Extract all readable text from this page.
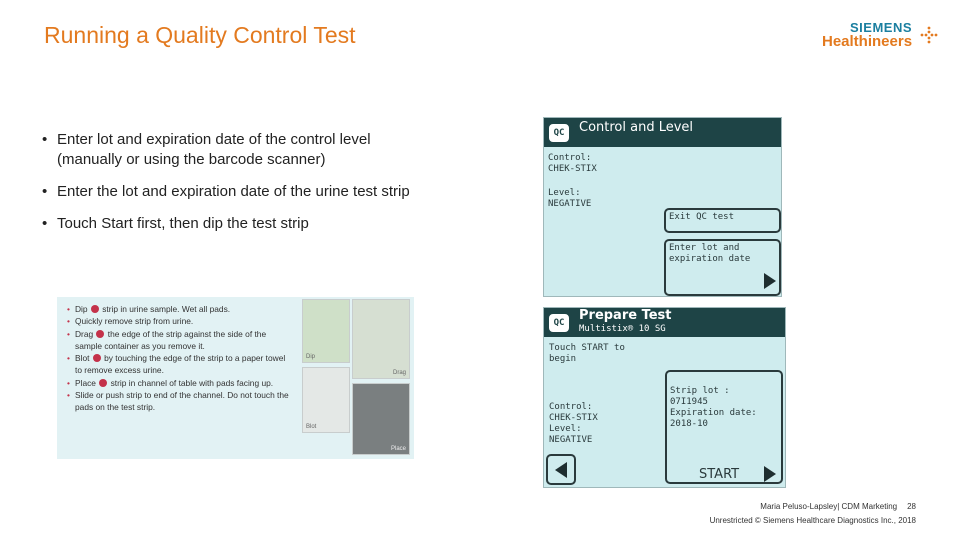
Running a Quality Control Test	SIEMENS
Healthineers
• Enter lot and expiration date of the control level (manually or using the barcode scanner)
• Enter the lot and expiration date of the urine test strip
• Touch Start first, then dip the test strip
• Dip  strip in urine sample. Wet all pads.
• Quickly remove strip from urine.
• Drag  the edge of the strip against the side of the sample container as you remove it.
• Blot  by touching the edge of the strip to a paper towel to remove excess urine.
• Place  strip in channel of table with pads facing up.
• Slide or push strip to end of the channel. Do not touch the pads on the test strip.
Dip
Drag
Blot
Place
QC	Control and Level
Control:
CHEK-STIX
Level:
NEGATIVE
Exit QC test
Enter lot and
expiration date
QC	Prepare Test
Multistix® 10 SG
Touch START to
begin
Control:
CHEK-STIX
Level:
NEGATIVE
Strip lot :
07I1945
Expiration date:
2018-10
START
Maria Peluso-Lapsley| CDM Marketing 28
Unrestricted © Siemens Healthcare Diagnostics Inc., 2018
